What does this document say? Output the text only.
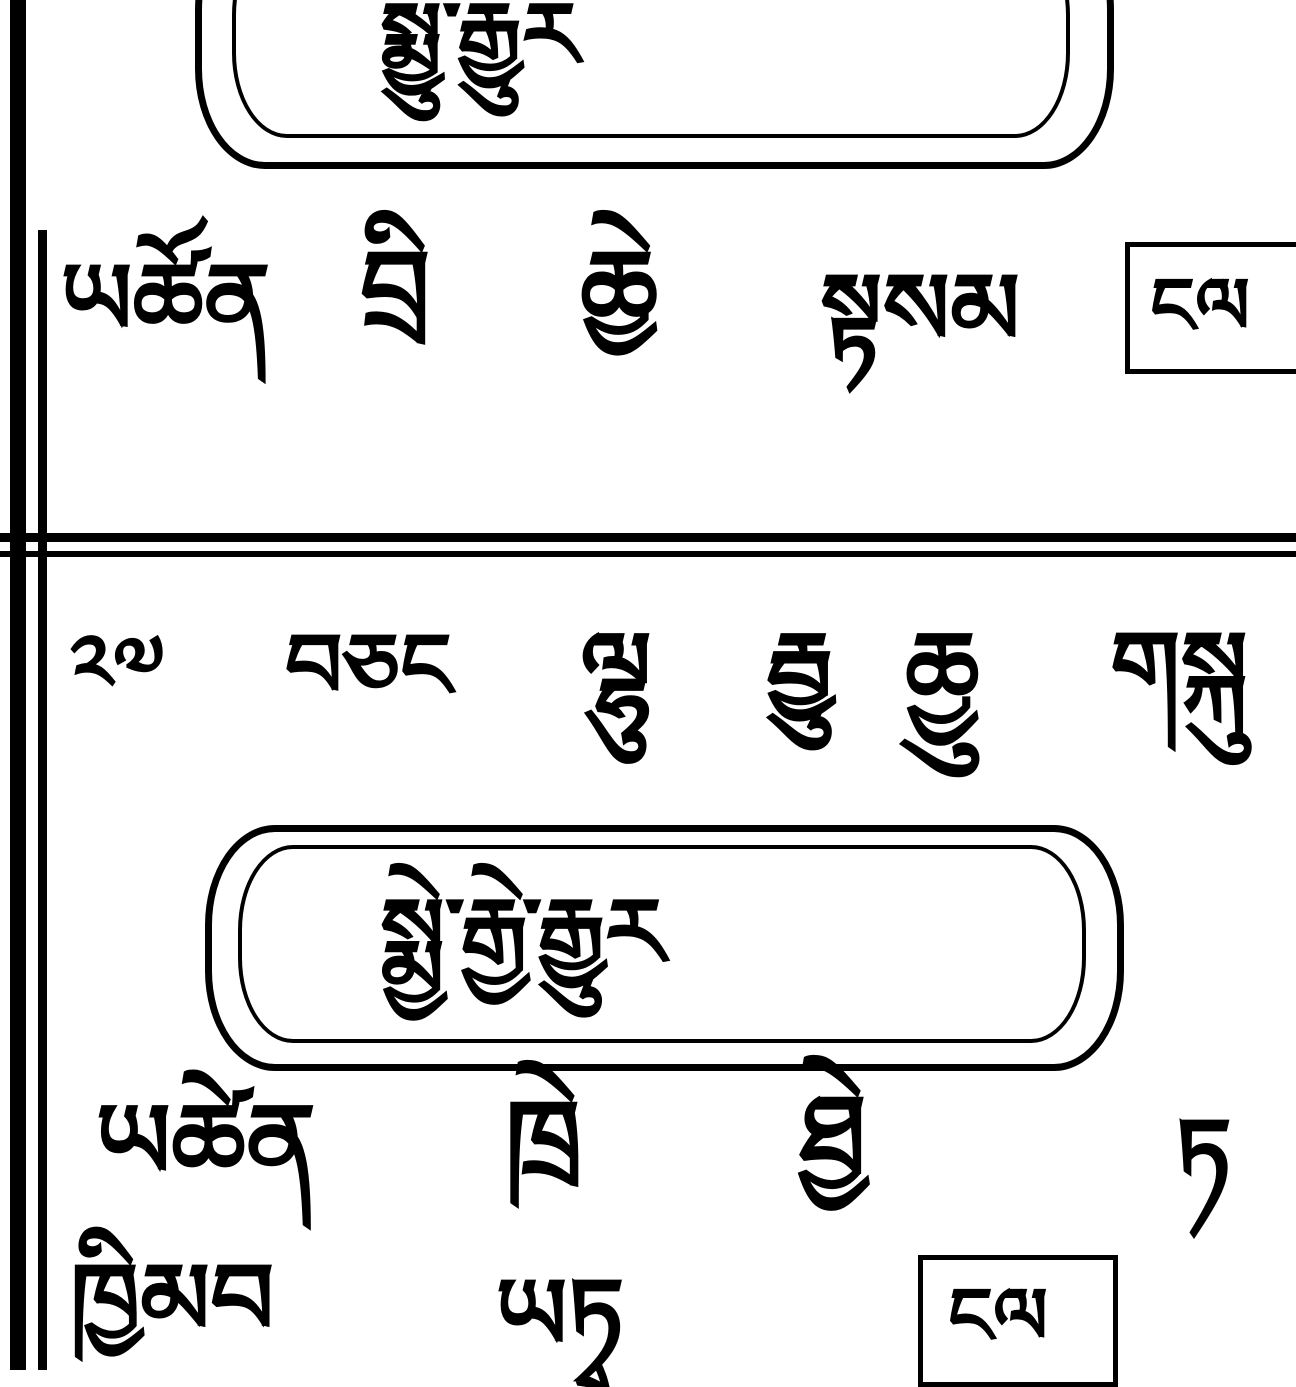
སྨྱུ་རྒྱུར
ཡཚོན བྲི ཆྱེ སྟསམ ངལ
༢༧ བཅང ལྷུ རྦྱུ ཆྱུ གསྐུ
སྨྱེ་རྒྱེ་རྒྱུར
ཡཚེན ཁྲེ ཐྱེ	ཏ
ཁྱིམབ ཡཏྭ	ངལ
